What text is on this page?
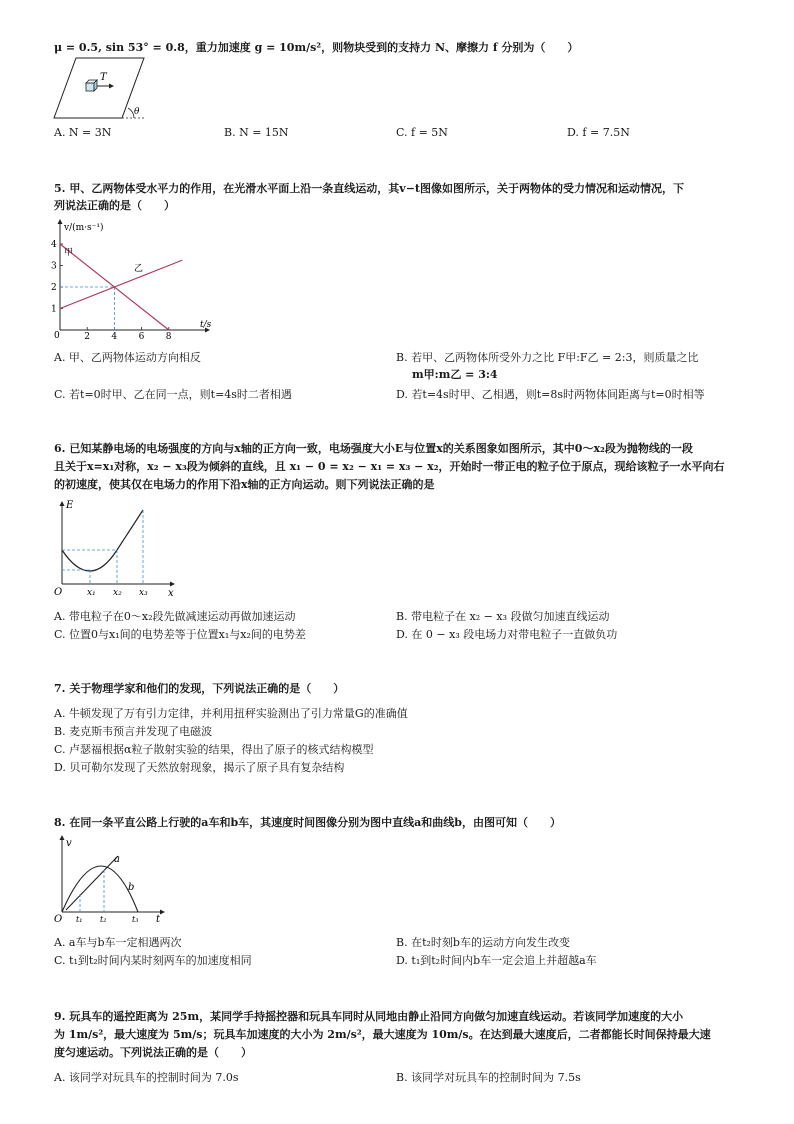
μ = 0.5, sin 53° = 0.8，重力加速度 g = 10m/s²，则物块受到的支持力 N、摩擦力 f 分别为（　　）
T
θ
A. N = 3N	B. N = 15N	C. f = 5N	D. f = 7.5N
5. 甲、乙两物体受水平力的作用，在光滑水平面上沿一条直线运动，其v−t图像如图所示，关于两物体的受力情况和运动情况，下
列说法正确的是（　　）
v/(m·s⁻¹)
t/s
0	2 4 6 8
1
2
3
4
甲
乙
A. 甲、乙两物体运动方向相反	B. 若甲、乙两物体所受外力之比 F甲:F乙 = 2:3，则质量之比
m甲:m乙 = 3:4
C. 若t=0时甲、乙在同一点，则t=4s时二者相遇	D. 若t=4s时甲、乙相遇，则t=8s时两物体间距离与t=0时相等
6. 已知某静电场的电场强度的方向与x轴的正方向一致，电场强度大小E与位置x的关系图象如图所示，其中0～x₂段为抛物线的一段
且关于x=x₁对称，x₂ − x₃段为倾斜的直线，且 x₁ − 0 = x₂ − x₁ = x₃ − x₂，开始时一带正电的粒子位于原点，现给该粒子一水平向右
的初速度，使其仅在电场力的作用下沿x轴的正方向运动。则下列说法正确的是
E
O	x
x₁ x₂ x₃
A. 带电粒子在0～x₂段先做减速运动再做加速运动	B. 带电粒子在 x₂ − x₃ 段做匀加速直线运动
C. 位置0与x₁间的电势差等于位置x₁与x₂间的电势差	D. 在 0 − x₃ 段电场力对带电粒子一直做负功
7. 关于物理学家和他们的发现，下列说法正确的是（　　）
A. 牛顿发现了万有引力定律，并利用扭秤实验测出了引力常量G的准确值
B. 麦克斯韦预言并发现了电磁波
C. 卢瑟福根据α粒子散射实验的结果，得出了原子的核式结构模型
D. 贝可勒尔发现了天然放射现象，揭示了原子具有复杂结构
8. 在同一条平直公路上行驶的a车和b车，其速度时间图像分别为图中直线a和曲线b，由图可知（　　）
v
O	t
a
b
t₁ t₂	t₃
A. a车与b车一定相遇两次	B. 在t₂时刻b车的运动方向发生改变
C. t₁到t₂时间内某时刻两车的加速度相同	D. t₁到t₂时间内b车一定会追上并超越a车
9. 玩具车的遥控距离为 25m，某同学手持摇控器和玩具车同时从同地由静止沿同方向做匀加速直线运动。若该同学加速度的大小
为 1m/s²，最大速度为 5m/s；玩具车加速度的大小为 2m/s²，最大速度为 10m/s。在达到最大速度后，二者都能长时间保持最大速
度匀速运动。下列说法正确的是（　　）
A. 该同学对玩具车的控制时间为 7.0s	B. 该同学对玩具车的控制时间为 7.5s
